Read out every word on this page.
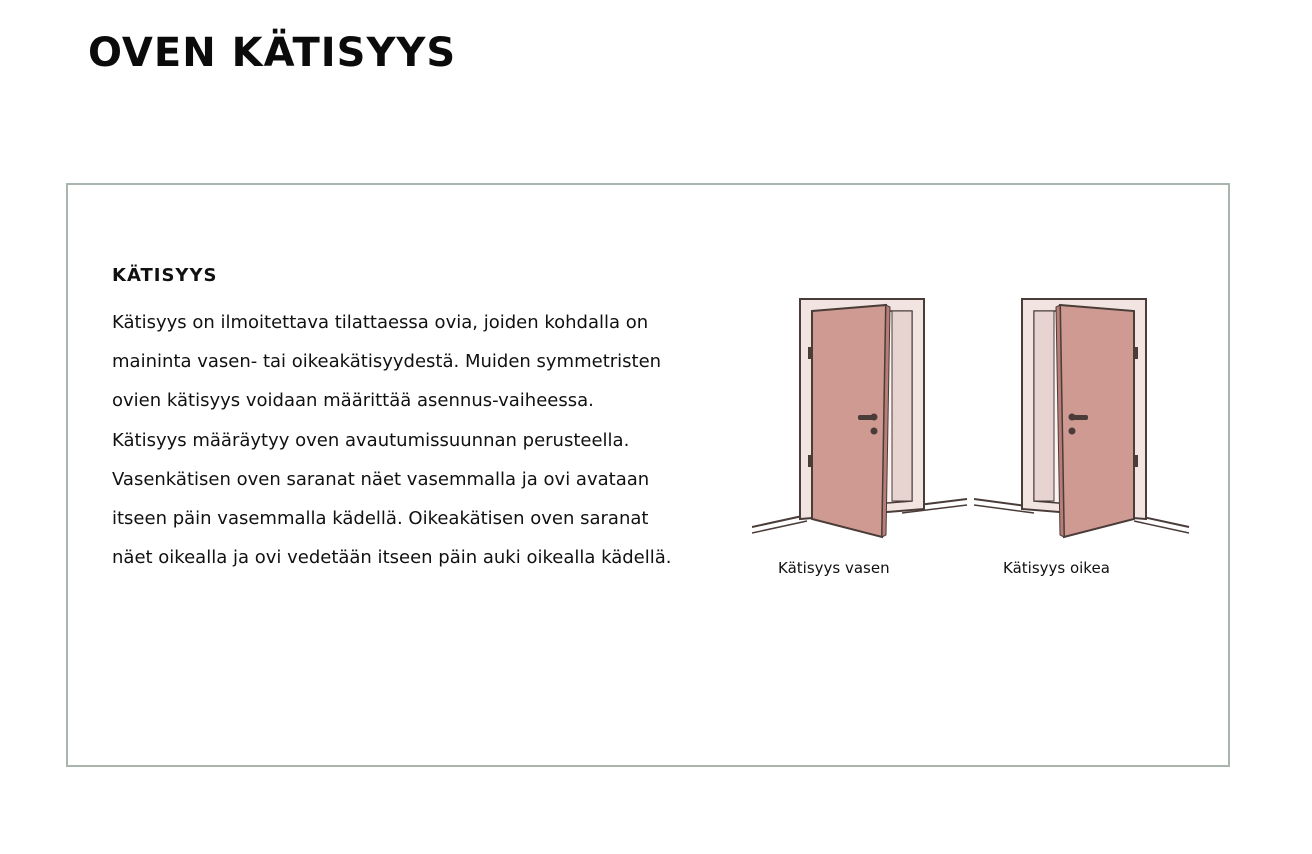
OVEN KÄTISYYS
KÄTISYYS

Kätisyys on ilmoitettava tilattaessa ovia, joiden kohdalla on maininta vasen- tai oikeakätisyydestä. Muiden symmetristen ovien kätisyys voidaan määrittää asennus-vaiheessa. Kätisyys määräytyy oven avautumissuunnan perusteella. Vasenkätisen oven saranat näet vasemmalla ja ovi avataan itseen päin vasemmalla kädellä. Oikeakätisen oven saranat näet oikealla ja ovi vedetään itseen päin auki oikealla kädellä.	Kätisyys vasen	Kätisyys oikea
